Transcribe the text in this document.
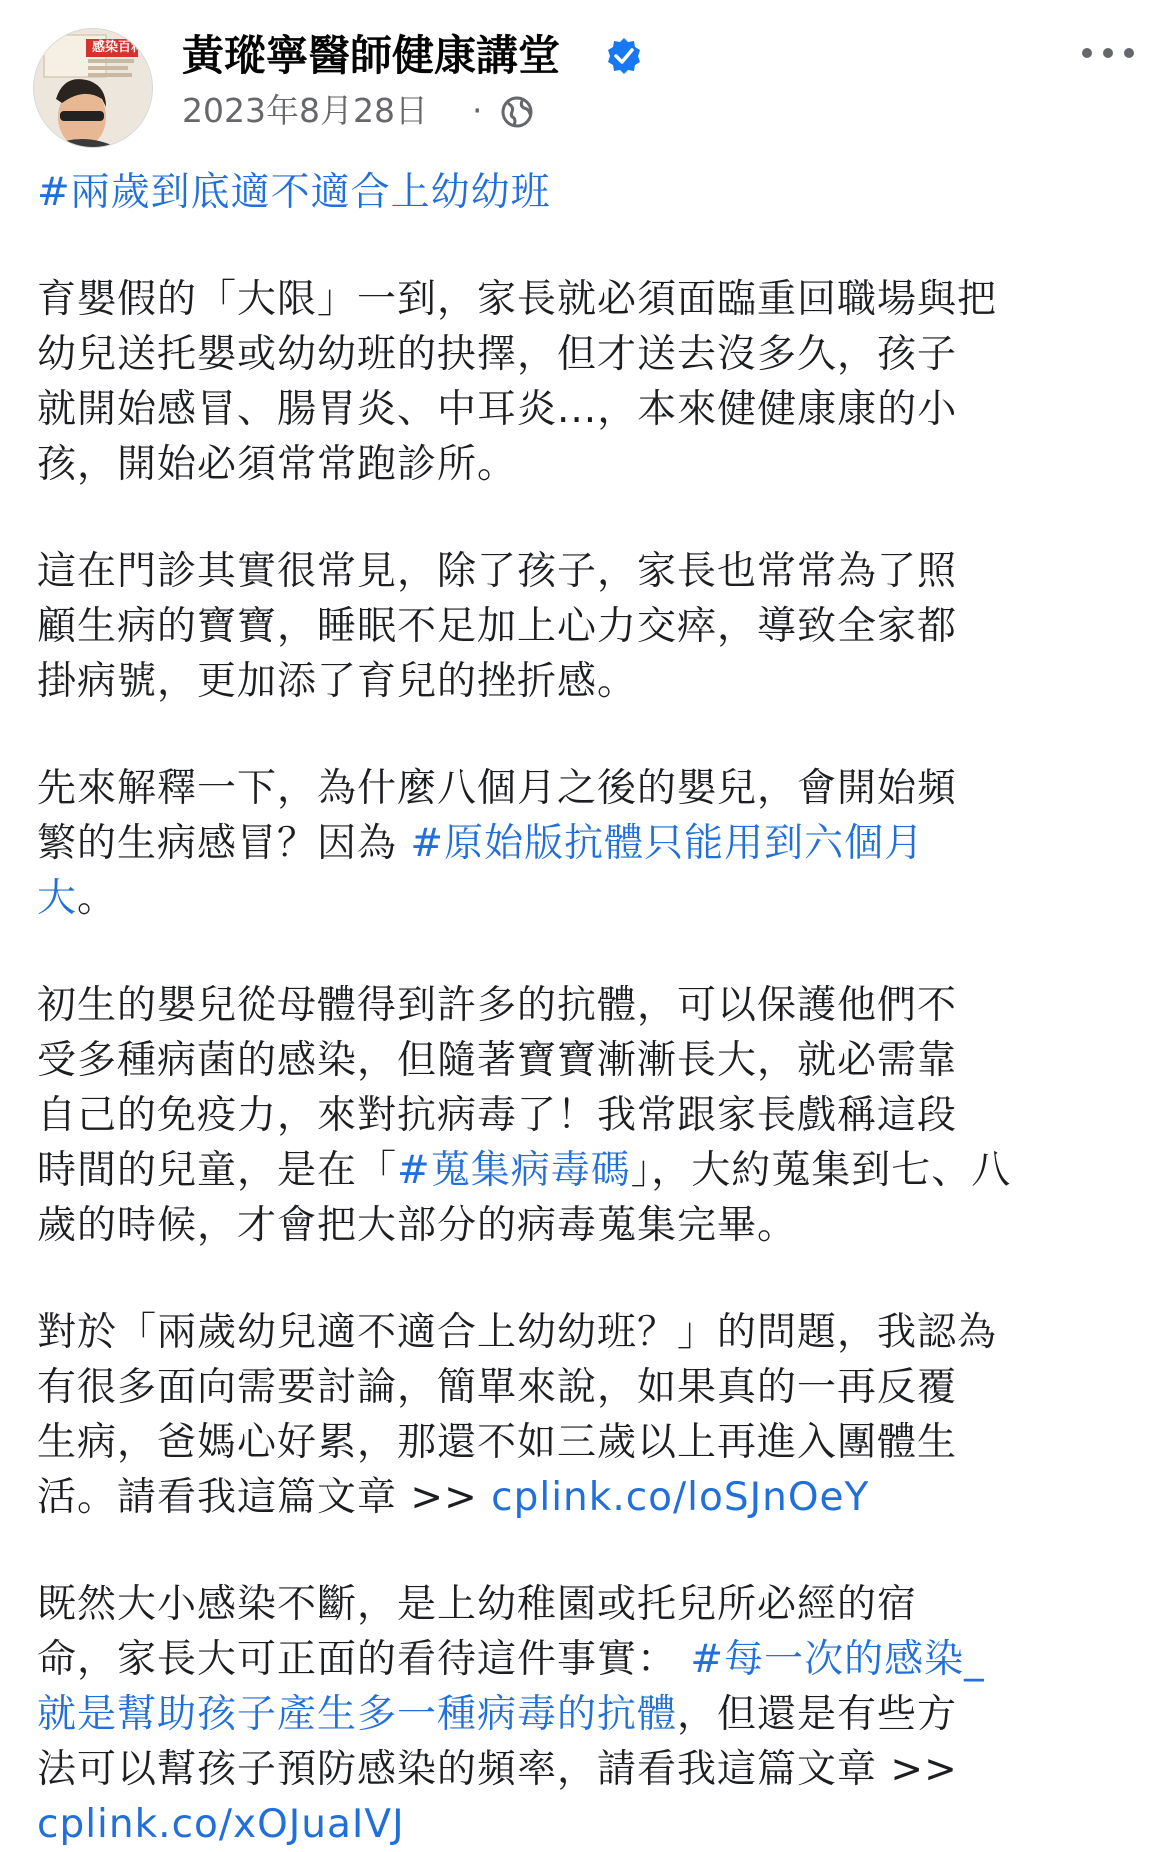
感染百科 黃瑽寧醫師健康講堂
2023年8月28日 ·

#兩歲到底適不適合上幼幼班

育嬰假的「大限」一到，家長就必須面臨重回職場與把
幼兒送托嬰或幼幼班的抉擇，但才送去沒多久，孩子
就開始感冒、腸胃炎、中耳炎...，本來健健康康的小
孩，開始必須常常跑診所。

這在門診其實很常見，除了孩子，家長也常常為了照
顧生病的寶寶，睡眠不足加上心力交瘁，導致全家都
掛病號，更加添了育兒的挫折感。

先來解釋一下，為什麼八個月之後的嬰兒，會開始頻
繁的生病感冒？因為 #原始版抗體只能用到六個月
大。

初生的嬰兒從母體得到許多的抗體，可以保護他們不
受多種病菌的感染，但隨著寶寶漸漸長大，就必需靠
自己的免疫力，來對抗病毒了！我常跟家長戲稱這段
時間的兒童，是在「#蒐集病毒碼」，大約蒐集到七、八
歲的時候，才會把大部分的病毒蒐集完畢。

對於「兩歲幼兒適不適合上幼幼班？」的問題，我認為
有很多面向需要討論，簡單來說，如果真的一再反覆
生病，爸媽心好累，那還不如三歲以上再進入團體生
活。請看我這篇文章 >> cplink.co/loSJnOeY

既然大小感染不斷，是上幼稚園或托兒所必經的宿
命，家長大可正面的看待這件事實： #每一次的感染_
就是幫助孩子產生多一種病毒的抗體，但還是有些方
法可以幫孩子預防感染的頻率，請看我這篇文章 >>
cplink.co/xOJuaIVJ
